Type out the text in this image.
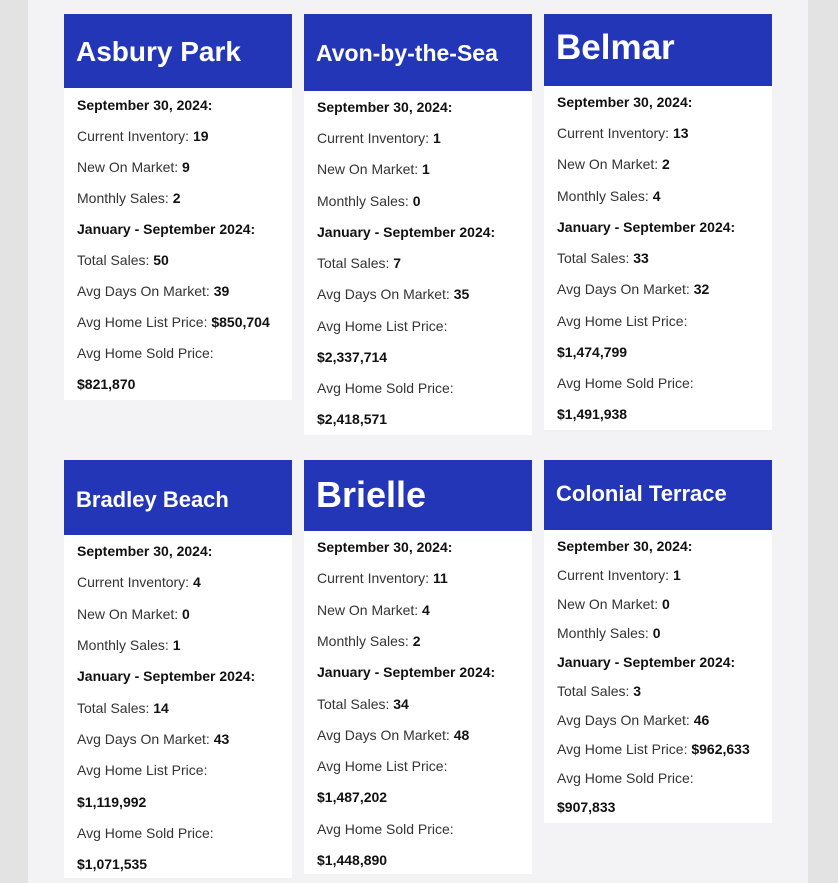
Asbury Park
September 30, 2024:
Current Inventory: 19
New On Market: 9
Monthly Sales: 2
January - September 2024:
Total Sales: 50
Avg Days On Market: 39
Avg Home List Price: $850,704
Avg Home Sold Price:
$821,870
Avon-by-the-Sea
September 30, 2024:
Current Inventory: 1
New On Market: 1
Monthly Sales: 0
January - September 2024:
Total Sales: 7
Avg Days On Market: 35
Avg Home List Price:
$2,337,714
Avg Home Sold Price:
$2,418,571
Belmar
September 30, 2024:
Current Inventory: 13
New On Market: 2
Monthly Sales: 4
January - September 2024:
Total Sales: 33
Avg Days On Market: 32
Avg Home List Price:
$1,474,799
Avg Home Sold Price:
$1,491,938
Bradley Beach
September 30, 2024:
Current Inventory: 4
New On Market: 0
Monthly Sales: 1
January - September 2024:
Total Sales: 14
Avg Days On Market: 43
Avg Home List Price:
$1,119,992
Avg Home Sold Price:
$1,071,535
Brielle
September 30, 2024:
Current Inventory: 11
New On Market: 4
Monthly Sales: 2
January - September 2024:
Total Sales: 34
Avg Days On Market: 48
Avg Home List Price:
$1,487,202
Avg Home Sold Price:
$1,448,890
Colonial Terrace
September 30, 2024:
Current Inventory: 1
New On Market: 0
Monthly Sales: 0
January - September 2024:
Total Sales: 3
Avg Days On Market: 46
Avg Home List Price: $962,633
Avg Home Sold Price:
$907,833
